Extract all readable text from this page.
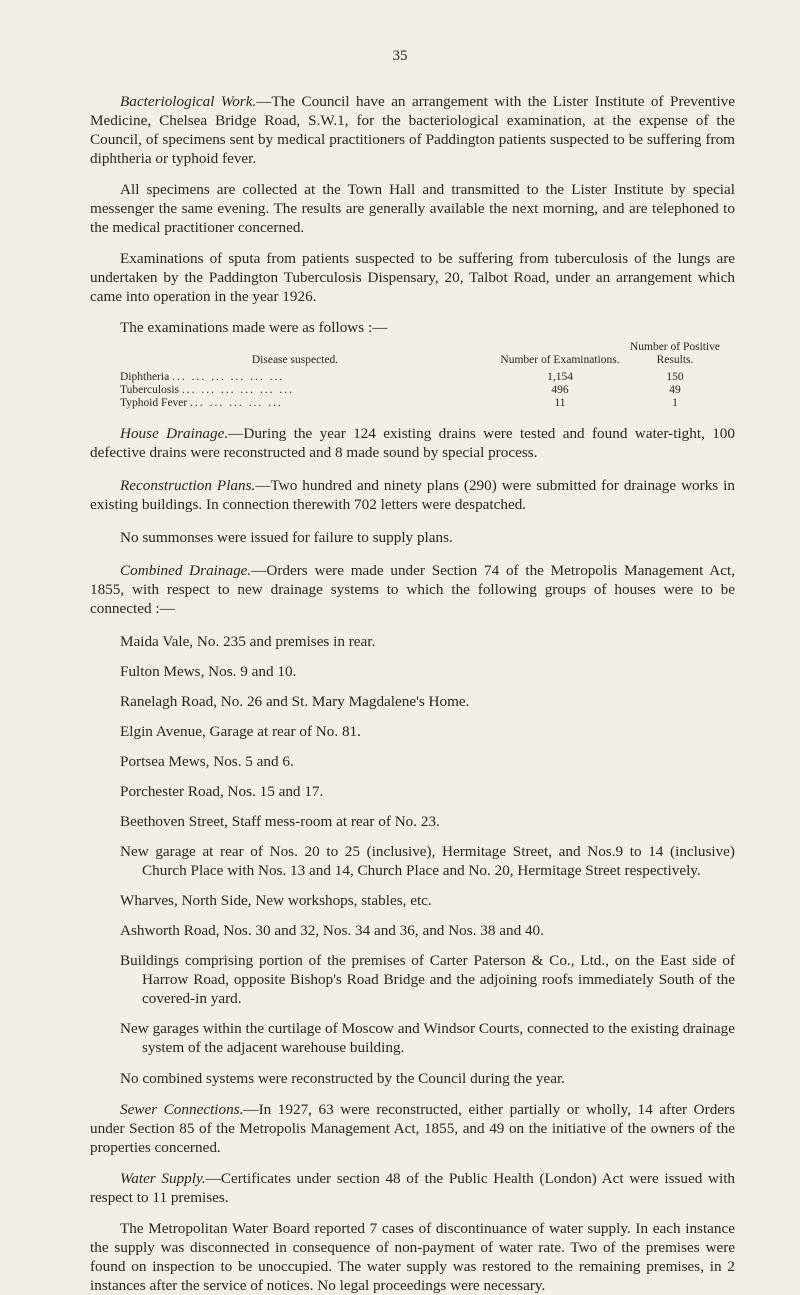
35

Bacteriological Work.—The Council have an arrangement with the Lister Institute of Preventive Medicine, Chelsea Bridge Road, S.W.1, for the bacteriological examination, at the expense of the Council, of specimens sent by medical practitioners of Paddington patients suspected to be suffering from diphtheria or typhoid fever.

All specimens are collected at the Town Hall and transmitted to the Lister Institute by special messenger the same evening. The results are generally available the next morning, and are telephoned to the medical practitioner concerned.

Examinations of sputa from patients suspected to be suffering from tuberculosis of the lungs are undertaken by the Paddington Tuberculosis Dispensary, 20, Talbot Road, under an arrangement which came into operation in the year 1926.

The examinations made were as follows :—

Disease suspected.	Number of Examinations.
Number of Positive Results.
Diphtheria ... ... ... ... ... ...	1,154	150
Tuberculosis ... ... ... ... ... ...	496	49
Typhoid Fever ... ... ... ... ...	11	1

House Drainage.—During the year 124 existing drains were tested and found water-tight, 100 defective drains were reconstructed and 8 made sound by special process.

Reconstruction Plans.—Two hundred and ninety plans (290) were submitted for drainage works in existing buildings. In connection therewith 702 letters were despatched.

No summonses were issued for failure to supply plans.

Combined Drainage.—Orders were made under Section 74 of the Metropolis Management Act, 1855, with respect to new drainage systems to which the following groups of houses were to be connected :—

Maida Vale, No. 235 and premises in rear.

Fulton Mews, Nos. 9 and 10.

Ranelagh Road, No. 26 and St. Mary Magdalene's Home.

Elgin Avenue, Garage at rear of No. 81.

Portsea Mews, Nos. 5 and 6.

Porchester Road, Nos. 15 and 17.

Beethoven Street, Staff mess-room at rear of No. 23.

New garage at rear of Nos. 20 to 25 (inclusive), Hermitage Street, and Nos.9 to 14 (inclusive) Church Place with Nos. 13 and 14, Church Place and No. 20, Hermitage Street respectively.

Wharves, North Side, New workshops, stables, etc.

Ashworth Road, Nos. 30 and 32, Nos. 34 and 36, and Nos. 38 and 40.

Buildings comprising portion of the premises of Carter Paterson & Co., Ltd., on the East side of Harrow Road, opposite Bishop's Road Bridge and the adjoining roofs immediately South of the covered-in yard.

New garages within the curtilage of Moscow and Windsor Courts, connected to the existing drainage system of the adjacent warehouse building.

No combined systems were reconstructed by the Council during the year.

Sewer Connections.—In 1927, 63 were reconstructed, either partially or wholly, 14 after Orders under Section 85 of the Metropolis Management Act, 1855, and 49 on the initiative of the owners of the properties concerned.

Water Supply.—Certificates under section 48 of the Public Health (London) Act were issued with respect to 11 premises.

The Metropolitan Water Board reported 7 cases of discontinuance of water supply. In each instance the supply was disconnected in consequence of non-payment of water rate. Two of the premises were found on inspection to be unoccupied. The water supply was restored to the remaining premises, in 2 instances after the service of notices. No legal proceedings were necessary.
